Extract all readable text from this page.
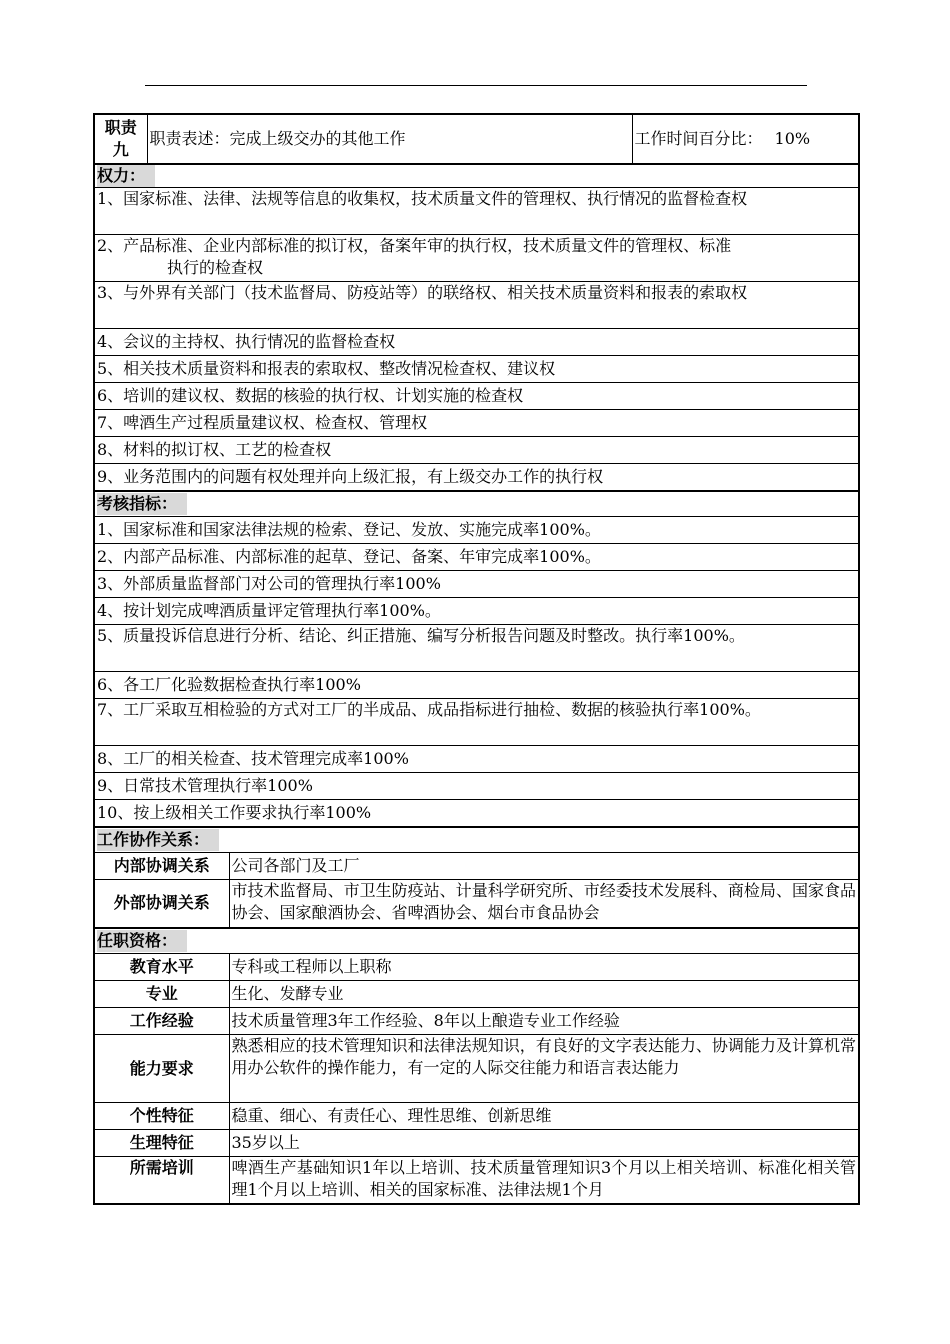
职责九	职责表述：完成上级交办的其他工作		工作时间百分比： 10%
权力：			
1、国家标准、法律、法规等信息的收集权，技术质量文件的管理权、执行情况的监督检查权			

2、产品标准、企业内部标准的拟订权，备案年审的执行权，技术质量文件的管理权、标准
执行的检查权			

3、与外界有关部门（技术监督局、防疫站等）的联络权、相关技术质量资料和报表的索取权			
4、会议的主持权、执行情况的监督检查权			
5、相关技术质量资料和报表的索取权、整改情况检查权、建议权			
6、培训的建议权、数据的核验的执行权、计划实施的检查权			
7、啤酒生产过程质量建议权、检查权、管理权			
8、材料的拟订权、工艺的检查权			
9、业务范围内的问题有权处理并向上级汇报，有上级交办工作的执行权			
考核指标：			
1、国家标准和国家法律法规的检索、登记、发放、实施完成率100%。			
2、内部产品标准、内部标准的起草、登记、备案、年审完成率100%。			
3、外部质量监督部门对公司的管理执行率100%			
4、按计划完成啤酒质量评定管理执行率100%。			
5、质量投诉信息进行分析、结论、纠正措施、编写分析报告问题及时整改。执行率100%。			
6、各工厂化验数据检查执行率100%			
7、工厂采取互相检验的方式对工厂的半成品、成品指标进行抽检、数据的核验执行率100%。			
8、工厂的相关检查、技术管理完成率100%			
9、日常技术管理执行率100%			
10、按上级相关工作要求执行率100%			
工作协作关系：			
内部协调关系		公司各部门及工厂	
外部协调关系		市技术监督局、市卫生防疫站、计量科学研究所、市经委技术发展科、商检局、国家食品协会、国家酿酒协会、省啤酒协会、烟台市食品协会	
任职资格：			
教育水平		专科或工程师以上职称	
专业		生化、发酵专业	
工作经验		技术质量管理3年工作经验、8年以上酿造专业工作经验	
能力要求		熟悉相应的技术管理知识和法律法规知识，有良好的文字表达能力、协调能力及计算机常用办公软件的操作能力，有一定的人际交往能力和语言表达能力	
个性特征		稳重、细心、有责任心、理性思维、创新思维	
生理特征		35岁以上	
所需培训		啤酒生产基础知识1年以上培训、技术质量管理知识3个月以上相关培训、标准化相关管理1个月以上培训、相关的国家标准、法律法规1个月	
